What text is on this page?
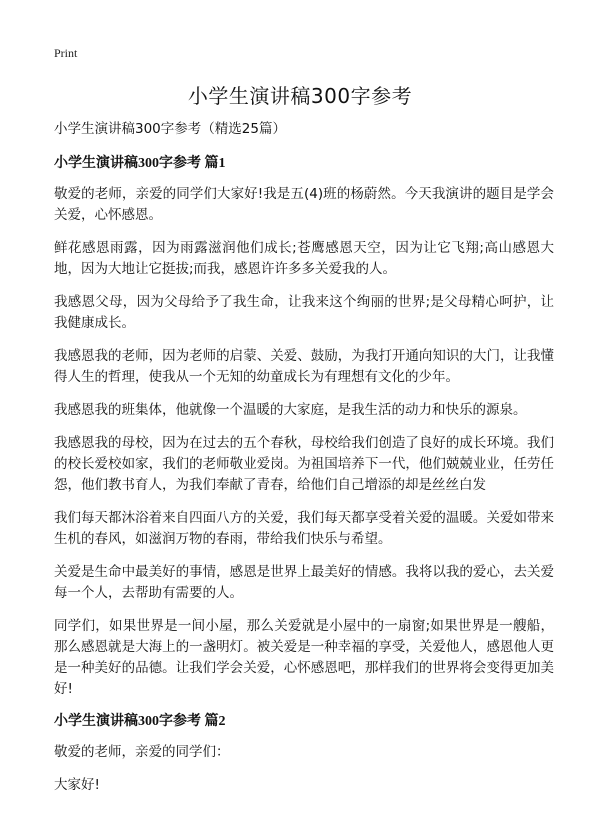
Print
小学生演讲稿300字参考

小学生演讲稿300字参考（精选25篇）

小学生演讲稿300字参考 篇1

敬爱的老师，亲爱的同学们大家好!我是五(4)班的杨蔚然。今天我演讲的题目是学会关爱，心怀感恩。

鲜花感恩雨露，因为雨露滋润他们成长;苍鹰感恩天空，因为让它飞翔;高山感恩大地，因为大地让它挺拔;而我，感恩许许多多关爱我的人。

我感恩父母，因为父母给予了我生命，让我来这个绚丽的世界;是父母精心呵护，让我健康成长。

我感恩我的老师，因为老师的启蒙、关爱、鼓励，为我打开通向知识的大门，让我懂得人生的哲理，使我从一个无知的幼童成长为有理想有文化的少年。

我感恩我的班集体，他就像一个温暖的大家庭，是我生活的动力和快乐的源泉。

我感恩我的母校，因为在过去的五个春秋，母校给我们创造了良好的成长环境。我们的校长爱校如家，我们的老师敬业爱岗。为祖国培养下一代，他们兢兢业业，任劳任怨，他们教书育人，为我们奉献了青春，给他们自己增添的却是丝丝白发

我们每天都沐浴着来自四面八方的关爱，我们每天都享受着关爱的温暖。关爱如带来生机的春风，如滋润万物的春雨，带给我们快乐与希望。

关爱是生命中最美好的事情，感恩是世界上最美好的情感。我将以我的爱心，去关爱每一个人，去帮助有需要的人。

同学们，如果世界是一间小屋，那么关爱就是小屋中的一扇窗;如果世界是一艘船，那么感恩就是大海上的一盏明灯。被关爱是一种幸福的享受，关爱他人，感恩他人更是一种美好的品德。让我们学会关爱，心怀感恩吧，那样我们的世界将会变得更加美好!

小学生演讲稿300字参考 篇2

敬爱的老师，亲爱的同学们：

大家好!
